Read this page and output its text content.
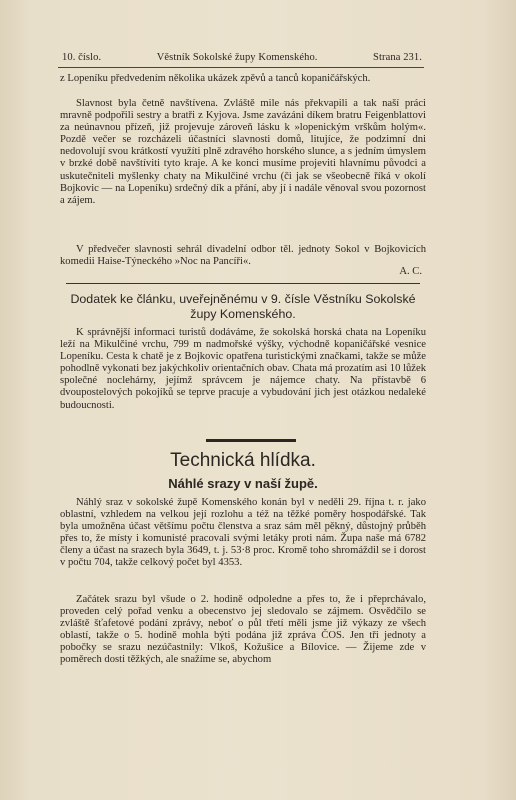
10. číslo.	Věstník Sokolské župy Komenského.	Strana 231.

z Lopeníku předvedením několika ukázek zpěvů a tanců kopaničářských.

Slavnost byla četně navštívena. Zvláště mile nás překvapili a tak naší práci mravně podpořili sestry a bratři z Kyjova. Jsme zavázáni díkem bratru Feigenblattovi za neúnavnou přízeň, již projevuje zároveň lásku k »lopenickým vrškům holým«. Pozdě večer se rozcházeli účastníci slavnosti domů, litujíce, že podzimní dni nedovolují svou krátkostí využíti plně zdravého horského slunce, a s jedním úmyslem v brzké době navštíviti tyto kraje. A ke konci musíme projeviti hlavnímu původci a uskutečniteli myšlenky chaty na Mikulčiné vrchu (či jak se všeobecně říká v okolí Bojkovic — na Lopeníku) srdečný dík a přání, aby jí i nadále věnoval svou pozornost a zájem.

V předvečer slavnosti sehrál divadelní odbor těl. jednoty Sokol v Bojkovicích komedii Haise-Týneckého »Noc na Pancíři«.

A. C.
Dodatek ke článku, uveřejněnému v 9. čísle Věstníku Sokolské župy Komenského.

K správnější informaci turistů dodáváme, že sokolská horská chata na Lopeníku leží na Mikulčiné vrchu, 799 m nadmořské výšky, východně kopaničářské vesnice Lopeníku. Cesta k chatě je z Bojkovic opatřena turistickými značkami, takže se může pohodlně vykonati bez jakýchkoliv orientačních obav. Chata má prozatím asi 10 lůžek společné noclehárny, jejímž správcem je nájemce chaty. Na přístavbě 6 dvoupostelových pokojíků se teprve pracuje a vybudování jich jest otázkou nedaleké budoucnosti.

Technická hlídka.
Náhlé srazy v naší župě.

Náhlý sraz v sokolské župě Komenského konán byl v neděli 29. října t. r. jako oblastní, vzhledem na velkou její rozlohu a též na těžké poměry hospodářské. Tak byla umožněna účast většímu počtu členstva a sraz sám měl pěkný, důstojný průběh přes to, že místy i komunisté pracovali svými letáky proti nám. Župa naše má 6782 členy a účast na srazech byla 3649, t. j. 53·8 proc. Kromě toho shromáždil se i dorost v počtu 704, takže celkový počet byl 4353.

Začátek srazu byl všude o 2. hodině odpoledne a přes to, že i přeprchávalo, proveden celý pořad venku a obecenstvo jej sledovalo se zájmem. Osvědčilo se zvláště šťafetové podání zprávy, neboť o půl třetí měli jsme již výkazy ze všech oblastí, takže o 5. hodině mohla býti podána již zpráva ČOS. Jen tři jednoty a pobočky se srazu nezúčastnily: Vlkoš, Kožušice a Bílovice. — Žijeme zde v poměrech dosti těžkých, ale snažíme se, abychom
